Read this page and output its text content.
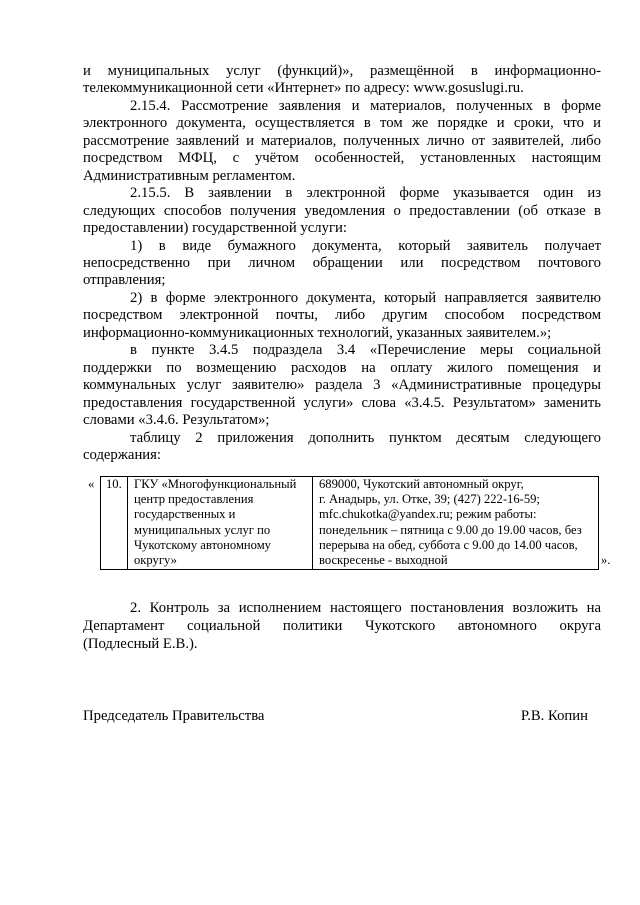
и муниципальных услуг (функций)», размещённой в информационно-
телекоммуникационной сети «Интернет» по адресу: www.gosuslugi.ru.
2.15.4. Рассмотрение заявления и материалов, полученных в форме
электронного документа, осуществляется в том же порядке и сроки, что и
рассмотрение заявлений и материалов, полученных лично от заявителей, либо
посредством МФЦ, с учётом особенностей, установленных настоящим
Административным регламентом.
2.15.5. В заявлении в электронной форме указывается один из
следующих способов получения уведомления о предоставлении (об отказе в
предоставлении) государственной услуги:
1) в виде бумажного документа, который заявитель получает
непосредственно при личном обращении или посредством почтового
отправления;
2) в форме электронного документа, который направляется заявителю
посредством электронной почты, либо другим способом посредством
информационно-коммуникационных технологий, указанных заявителем.»;
в пункте 3.4.5 подраздела 3.4 «Перечисление меры социальной
поддержки по возмещению расходов на оплату жилого помещения и
коммунальных услуг заявителю» раздела 3 «Административные процедуры
предоставления государственной услуги» слова «3.4.5. Результатом» заменить
словами «3.4.6. Результатом»;
таблицу 2 приложения дополнить пунктом десятым следующего
содержания:
« 10. ГКУ «Многофункциональный
центр предоставления
государственных и
муниципальных услуг по
Чукотскому автономному
округу»
689000, Чукотский автономный округ,
г. Анадырь, ул. Отке, 39; (427) 222-16-59;
mfc.chukotka@yandex.ru; режим работы:
понедельник – пятница с 9.00 до 19.00 часов, без
перерыва на обед, суббота с 9.00 до 14.00 часов,
воскресенье - выходной	».
2. Контроль за исполнением настоящего постановления возложить на
Департамент социальной политики Чукотского автономного округа
(Подлесный Е.В.).
Председатель Правительства	Р.В. Копин
